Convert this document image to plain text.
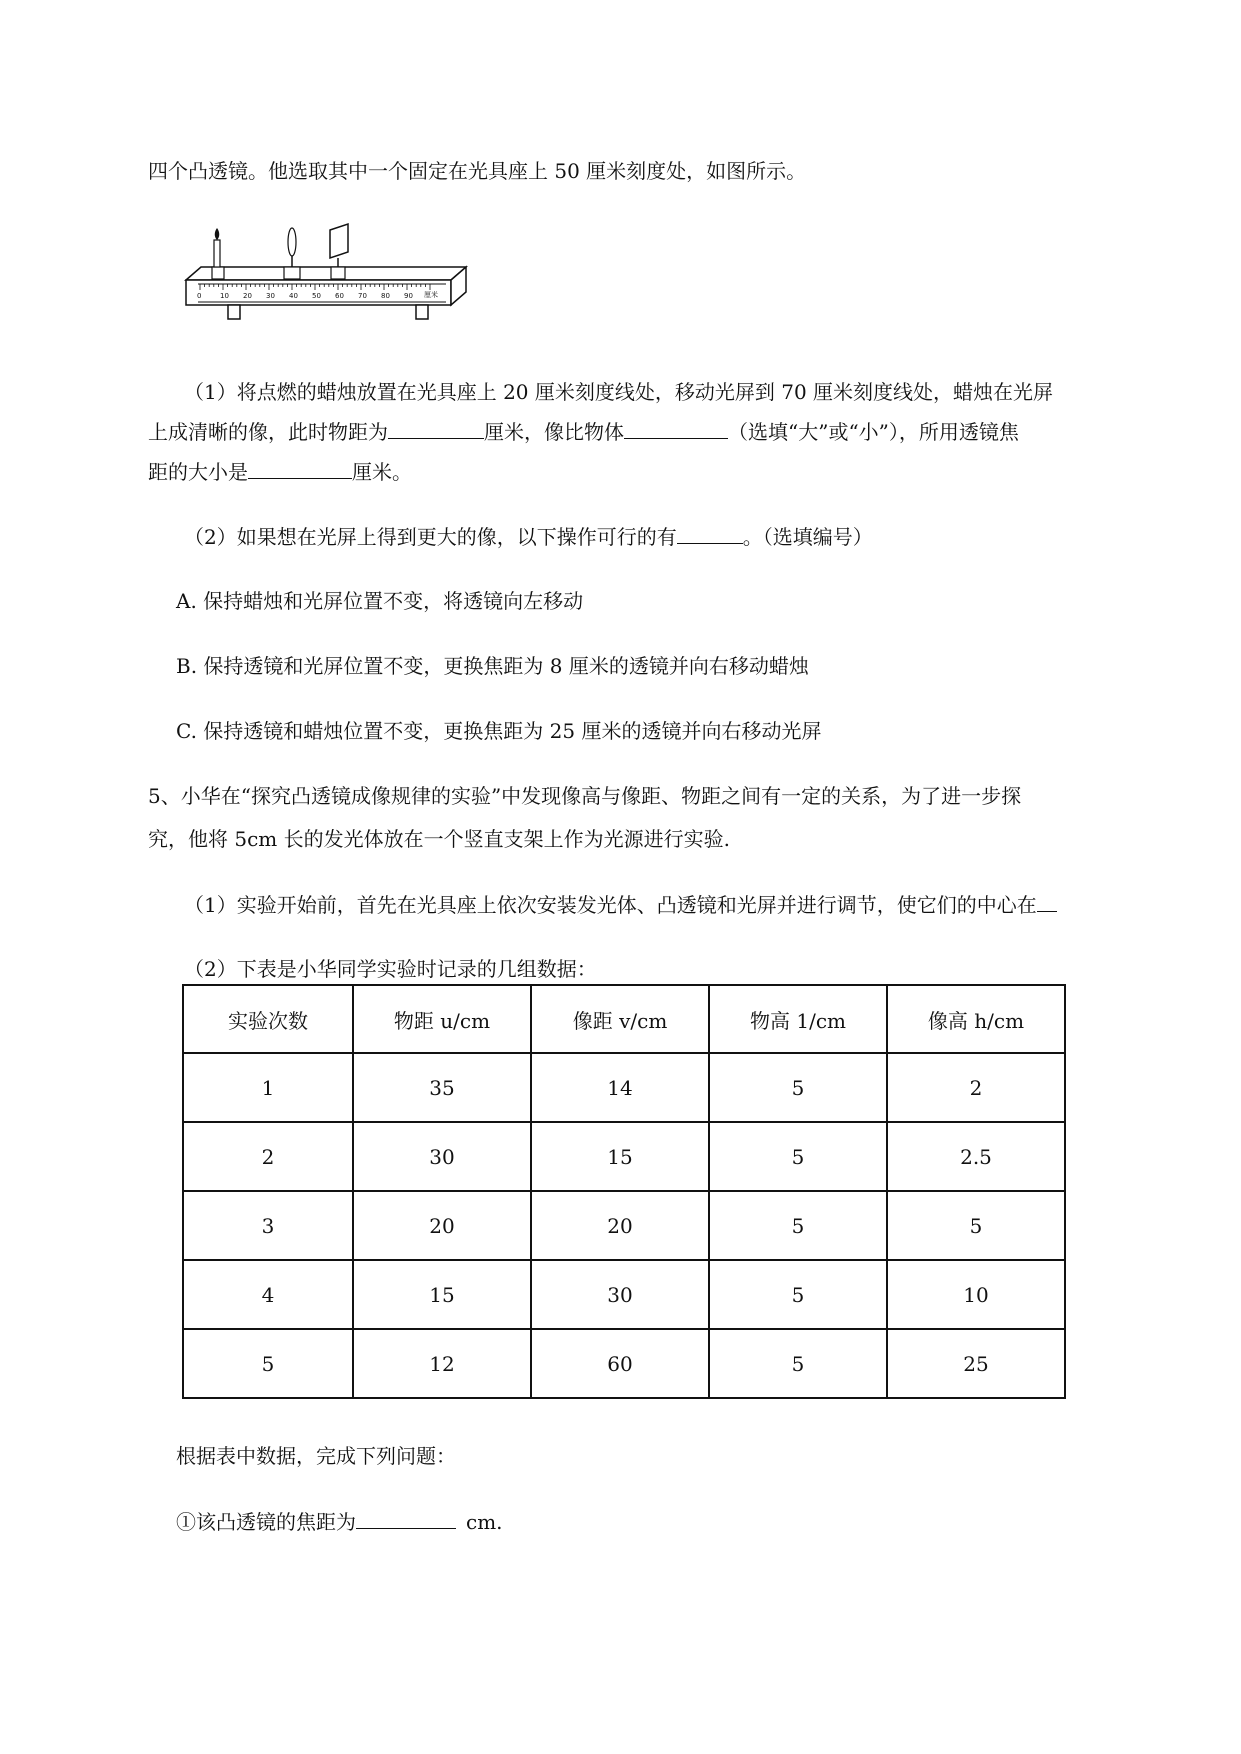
四个凸透镜。他选取其中一个固定在光具座上 50 厘米刻度处，如图所示。
0	10 20 30 40 50 60 70 80 90 厘米
（1）将点燃的蜡烛放置在光具座上 20 厘米刻度线处，移动光屏到 70 厘米刻度线处，蜡烛在光屏
上成清晰的像，此时物距为	厘米，像比物体	（选填“大”或“小”），所用透镜焦
距的大小是	厘米。
（2）如果想在光屏上得到更大的像，以下操作可行的有	。（选填编号）
A. 保持蜡烛和光屏位置不变，将透镜向左移动
B. 保持透镜和光屏位置不变，更换焦距为 8 厘米的透镜并向右移动蜡烛
C. 保持透镜和蜡烛位置不变，更换焦距为 25 厘米的透镜并向右移动光屏
5、小华在“探究凸透镜成像规律的实验”中发现像高与像距、物距之间有一定的关系，为了进一步探
究，他将 5cm 长的发光体放在一个竖直支架上作为光源进行实验.
（1）实验开始前，首先在光具座上依次安装发光体、凸透镜和光屏并进行调节，使它们的中心在
（2）下表是小华同学实验时记录的几组数据：
实验次数	物距 u/cm	像距 v/cm	物高 1/cm	像高 h/cm
1	35	14	5	2
2	30	15	5	2.5
3	20	20	5	5
4	15	30	5	10
5	12	60	5	25
根据表中数据，完成下列问题：
①该凸透镜的焦距为	cm.
